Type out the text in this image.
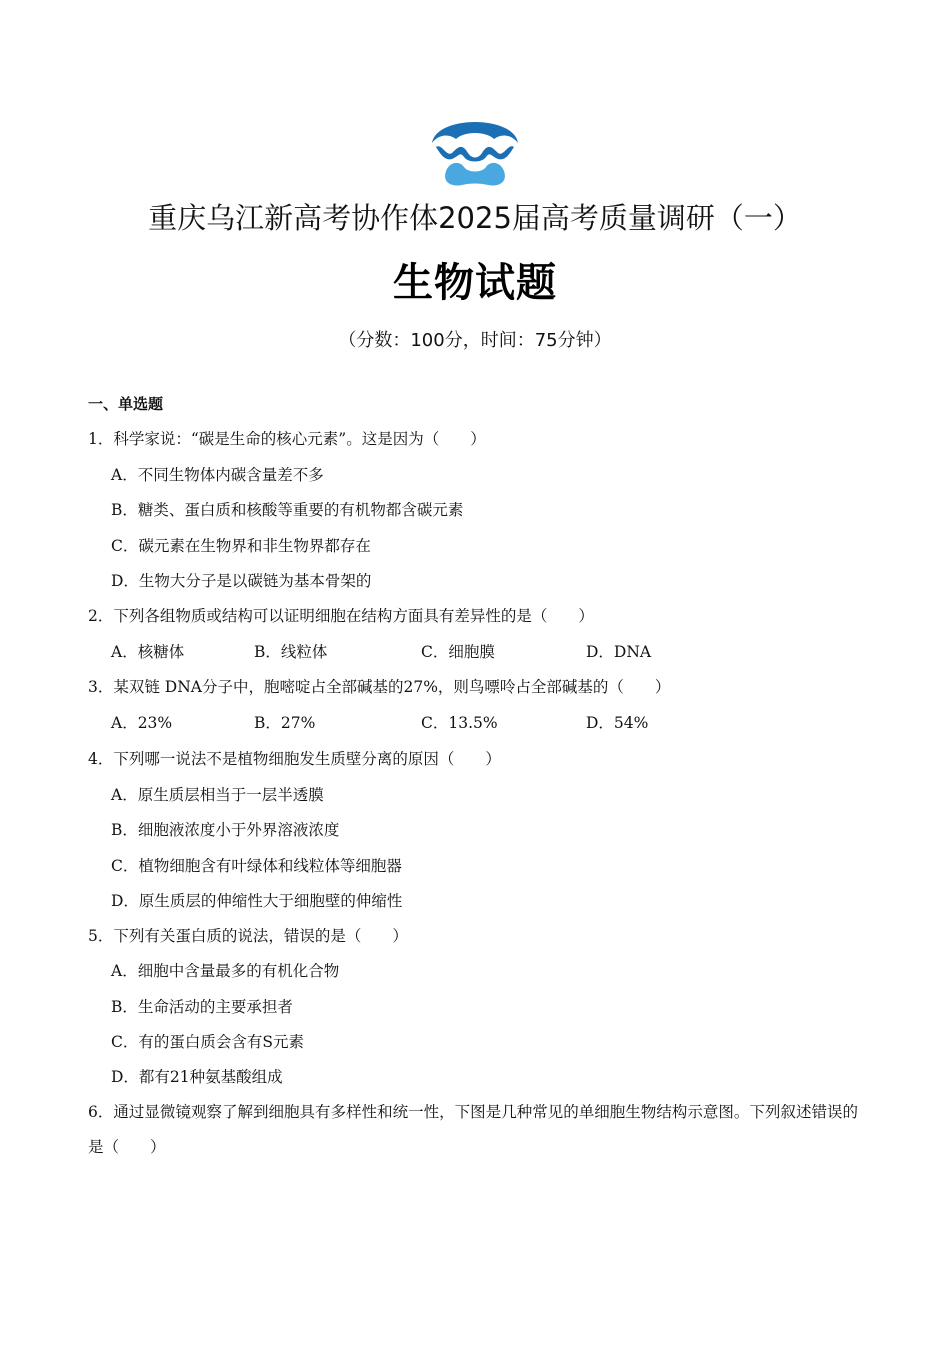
重庆乌江新高考协作体2025届高考质量调研（一）
生物试题
（分数：100分，时间：75分钟）
一、单选题
1．科学家说：“碳是生命的核心元素”。这是因为（　　）
A．不同生物体内碳含量差不多
B．糖类、蛋白质和核酸等重要的有机物都含碳元素
C．碳元素在生物界和非生物界都存在
D．生物大分子是以碳链为基本骨架的
2．下列各组物质或结构可以证明细胞在结构方面具有差异性的是（　　）
A．核糖体	B．线粒体	C．细胞膜	D．DNA
3．某双链 DNA分子中，胞嘧啶占全部碱基的27%，则鸟嘌呤占全部碱基的（　　）
A．23%	B．27%	C．13.5%	D．54%
4．下列哪一说法不是植物细胞发生质壁分离的原因（　　）
A．原生质层相当于一层半透膜
B．细胞液浓度小于外界溶液浓度
C．植物细胞含有叶绿体和线粒体等细胞器
D．原生质层的伸缩性大于细胞壁的伸缩性
5．下列有关蛋白质的说法，错误的是（　　）
A．细胞中含量最多的有机化合物
B．生命活动的主要承担者
C．有的蛋白质会含有S元素
D．都有21种氨基酸组成
6．通过显微镜观察了解到细胞具有多样性和统一性，下图是几种常见的单细胞生物结构示意图。下列叙述错误的是（　　）
